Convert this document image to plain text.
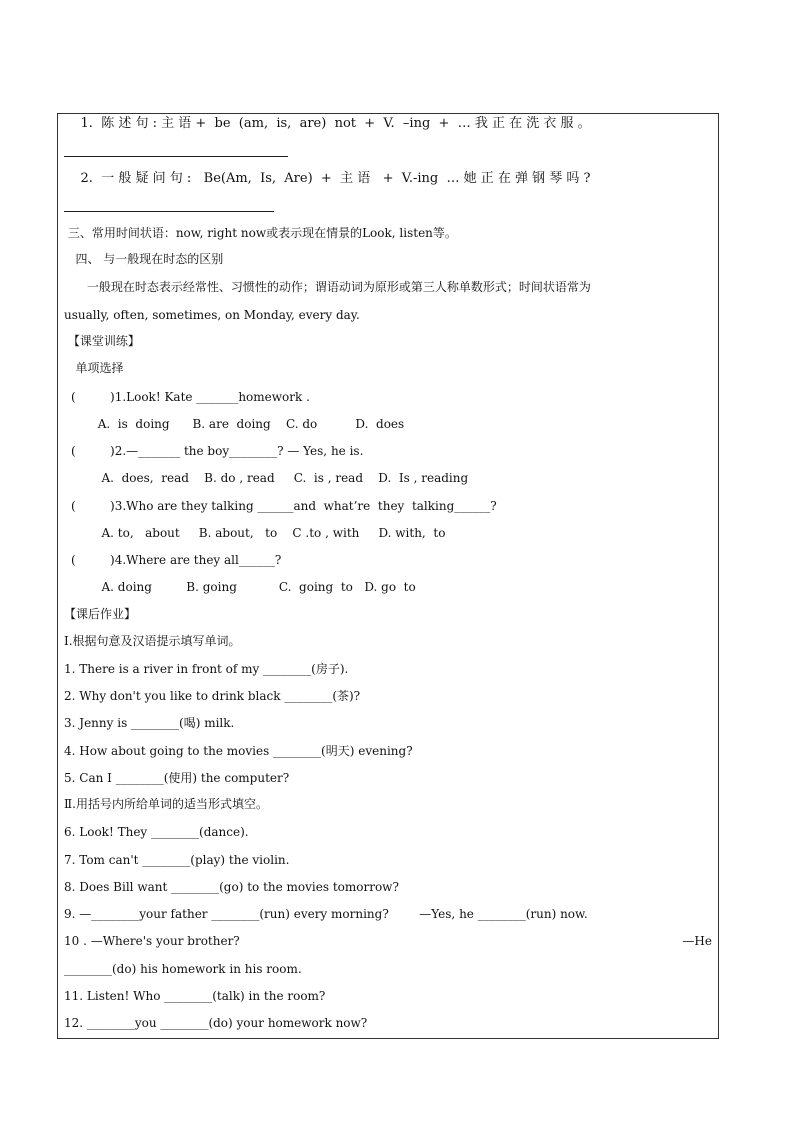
1.  陈 述 句 : 主 语 +  be  (am,  is,  are)  not  +  V.  –ing  +  … 我 正 在 洗 衣 服 。
2.  一 般 疑 问 句 :   Be(Am,  Is,  Are)  +  主 语   +  V.-ing  … 她 正 在 弹 钢 琴 吗 ?
三、常用时间状语：now, right now或表示现在情景的Look, listen等。
四、 与一般现在时态的区别
一般现在时态表示经常性、习惯性的动作；谓语动词为原形或第三人称单数形式；时间状语常为
usually, often, sometimes, on Monday, every day.
【课堂训练】
单项选择
(         )1.Look! Kate _______homework .
A.  is  doing      B. are  doing    C. do          D.  does
(         )2.—_______ the boy________? — Yes, he is.
A.  does,  read    B. do , read     C.  is , read    D.  Is , reading
(         )3.Who are they talking ______and  what’re  they  talking______?
A. to,   about     B. about,   to    C .to , with     D. with,  to
(         )4.Where are they all______?
A. doing         B. going           C.  going  to   D. go  to
【课后作业】
Ⅰ.根据句意及汉语提示填写单词。
1. There is a river in front of my ________(房子).
2. Why don't you like to drink black ________(茶)?
3. Jenny is ________(喝) milk.
4. How about going to the movies ________(明天) evening?
5. Can I ________(使用) the computer?
Ⅱ.用括号内所给单词的适当形式填空。
6. Look! They ________(dance).
7. Tom can't ________(play) the violin.
8. Does Bill want ________(go) to the movies tomorrow?
9. —________your father ________(run) every morning?        —Yes, he ________(run) now.
10 . —Where's your brother?	—He
________(do) his homework in his room.
11. Listen! Who ________(talk) in the room?
12. ________you ________(do) your homework now?
